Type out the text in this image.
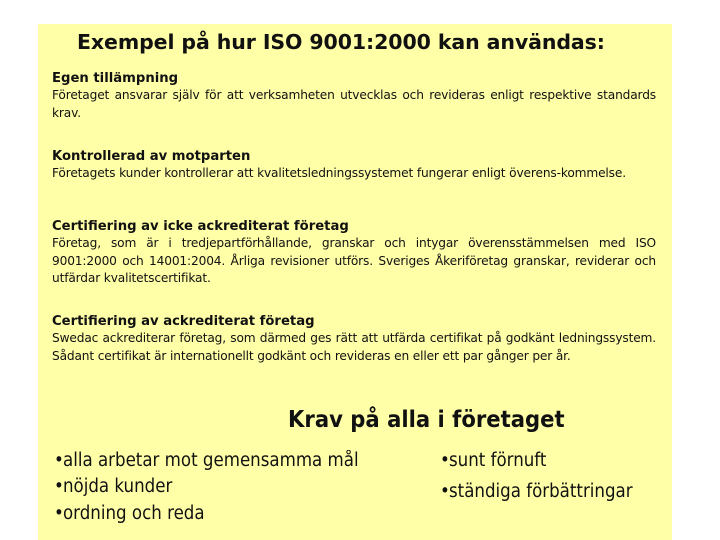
Exempel på hur ISO 9001:2000 kan användas:

Egen tillämpning

Företaget ansvarar själv för att verksamheten utvecklas och revideras enligt respektive standards krav.

Kontrollerad av motparten

Företagets kunder kontrollerar att kvalitetsledningssystemet fungerar enligt överens-kommelse.

Certifiering av icke ackrediterat företag

Företag, som är i tredjepartförhållande, granskar och intygar överensstämmelsen med ISO 9001:2000 och 14001:2004. Årliga revisioner utförs. Sveriges Åkeriföretag granskar, reviderar och utfärdar kvalitetscertifikat.

Certifiering av ackrediterat företag

Swedac ackrediterar företag, som därmed ges rätt att utfärda certifikat på godkänt ledningssystem. Sådant certifikat är internationellt godkänt och revideras en eller ett par gånger per år.

Krav på alla i företaget
•alla arbetar mot gemensamma mål
•nöjda kunder
•ordning och reda
•sunt förnuft
•ständiga förbättringar
